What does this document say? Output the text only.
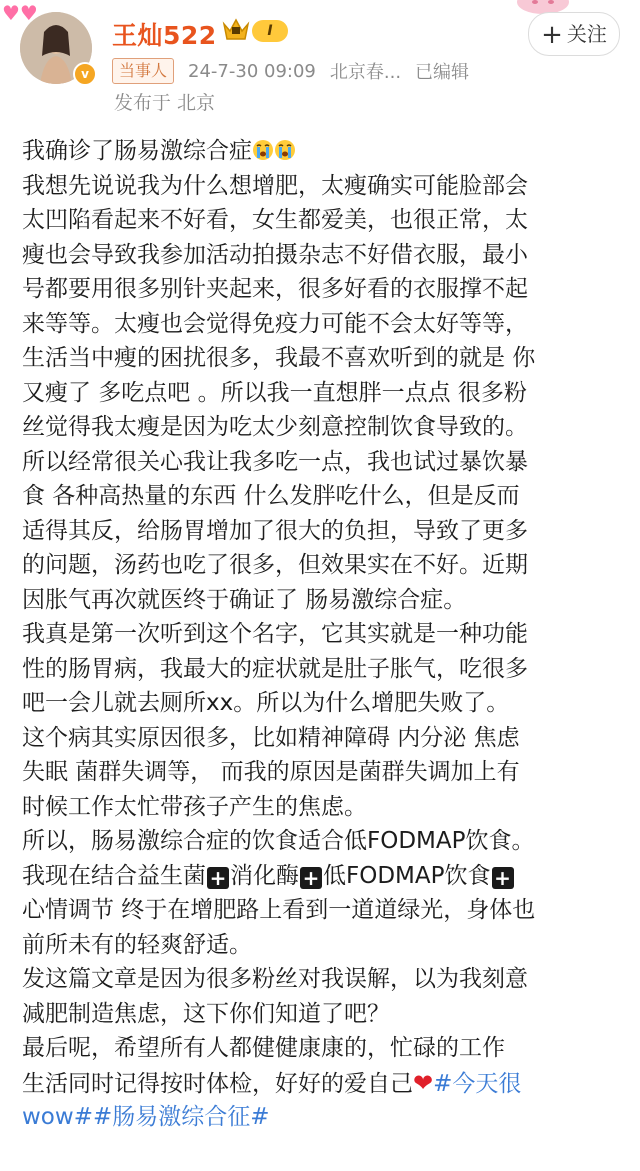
♥♥
v
王灿522	I
当事人 24-7-30 09:09 北京春... 已编辑
发布于 北京
+ 关注
我确诊了肠易激综合症
我想先说说我为什么想增肥，太瘦确实可能脸部会
太凹陷看起来不好看，女生都爱美，也很正常，太
瘦也会导致我参加活动拍摄杂志不好借衣服，最小
号都要用很多别针夹起来，很多好看的衣服撑不起
来等等。太瘦也会觉得免疫力可能不会太好等等，
生活当中瘦的困扰很多，我最不喜欢听到的就是 你
又瘦了 多吃点吧 。所以我一直想胖一点点 很多粉
丝觉得我太瘦是因为吃太少刻意控制饮食导致的。
所以经常很关心我让我多吃一点，我也试过暴饮暴
食 各种高热量的东西 什么发胖吃什么，但是反而
适得其反，给肠胃增加了很大的负担，导致了更多
的问题，汤药也吃了很多，但效果实在不好。近期
因胀气再次就医终于确证了 肠易激综合症。
我真是第一次听到这个名字，它其实就是一种功能
性的肠胃病，我最大的症状就是肚子胀气，吃很多
吧一会儿就去厕所xx。所以为什么增肥失败了。
这个病其实原因很多，比如精神障碍 内分泌 焦虑
失眠 菌群失调等， 而我的原因是菌群失调加上有
时候工作太忙带孩子产生的焦虑。
所以，肠易激综合症的饮食适合低FODMAP饮食。
我现在结合益生菌 + 消化酶 + 低FODMAP饮食 +
心情调节 终于在增肥路上看到一道道绿光，身体也
前所未有的轻爽舒适。
发这篇文章是因为很多粉丝对我误解，以为我刻意
减肥制造焦虑，这下你们知道了吧？
最后呢，希望所有人都健健康康的，忙碌的工作
生活同时记得按时体检，好好的爱自己❤#今天很
wow##肠易激综合征#
